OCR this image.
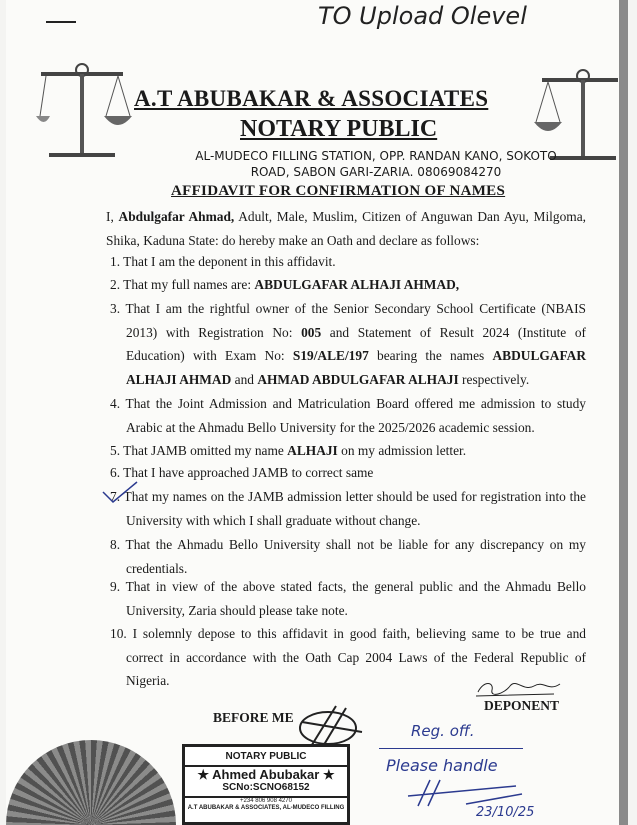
TO Upload Olevel
A.T ABUBAKAR & ASSOCIATES
NOTARY PUBLIC
AL-MUDECO FILLING STATION, OPP. RANDAN KANO, SOKOTO
ROAD, SABON GARI-ZARIA. 08069084270
AFFIDAVIT FOR CONFIRMATION OF NAMES
I, Abdulgafar Ahmad, Adult, Male, Muslim, Citizen of Anguwan Dan Ayu, Milgoma, Shika, Kaduna State: do hereby make an Oath and declare as follows:
1. That I am the deponent in this affidavit.
2. That my full names are: ABDULGAFAR ALHAJI AHMAD,
3. That I am the rightful owner of the Senior Secondary School Certificate (NBAIS 2013) with Registration No: 005 and Statement of Result 2024 (Institute of Education) with Exam No: S19/ALE/197 bearing the names ABDULGAFAR ALHAJI AHMAD and AHMAD ABDULGAFAR ALHAJI respectively.
4. That the Joint Admission and Matriculation Board offered me admission to study Arabic at the Ahmadu Bello University for the 2025/2026 academic session.
5. That JAMB omitted my name ALHAJI on my admission letter.
6. That I have approached JAMB to correct same
7. That my names on the JAMB admission letter should be used for registration into the University with which I shall graduate without change.
8. That the Ahmadu Bello University shall not be liable for any discrepancy on my credentials.
9. That in view of the above stated facts, the general public and the Ahmadu Bello University, Zaria should please take note.
10. I solemnly depose to this affidavit in good faith, believing same to be true and correct in accordance with the Oath Cap 2004 Laws of the Federal Republic of Nigeria.
DEPONENT
BEFORE ME
NOTARY PUBLIC
★ Ahmed Abubakar ★
SCNo:SCNO68152
+234 806 908 4270
A.T ABUBAKAR & ASSOCIATES, AL-MUDECO FILLING
Reg. off.
Please handle
23/10/25
